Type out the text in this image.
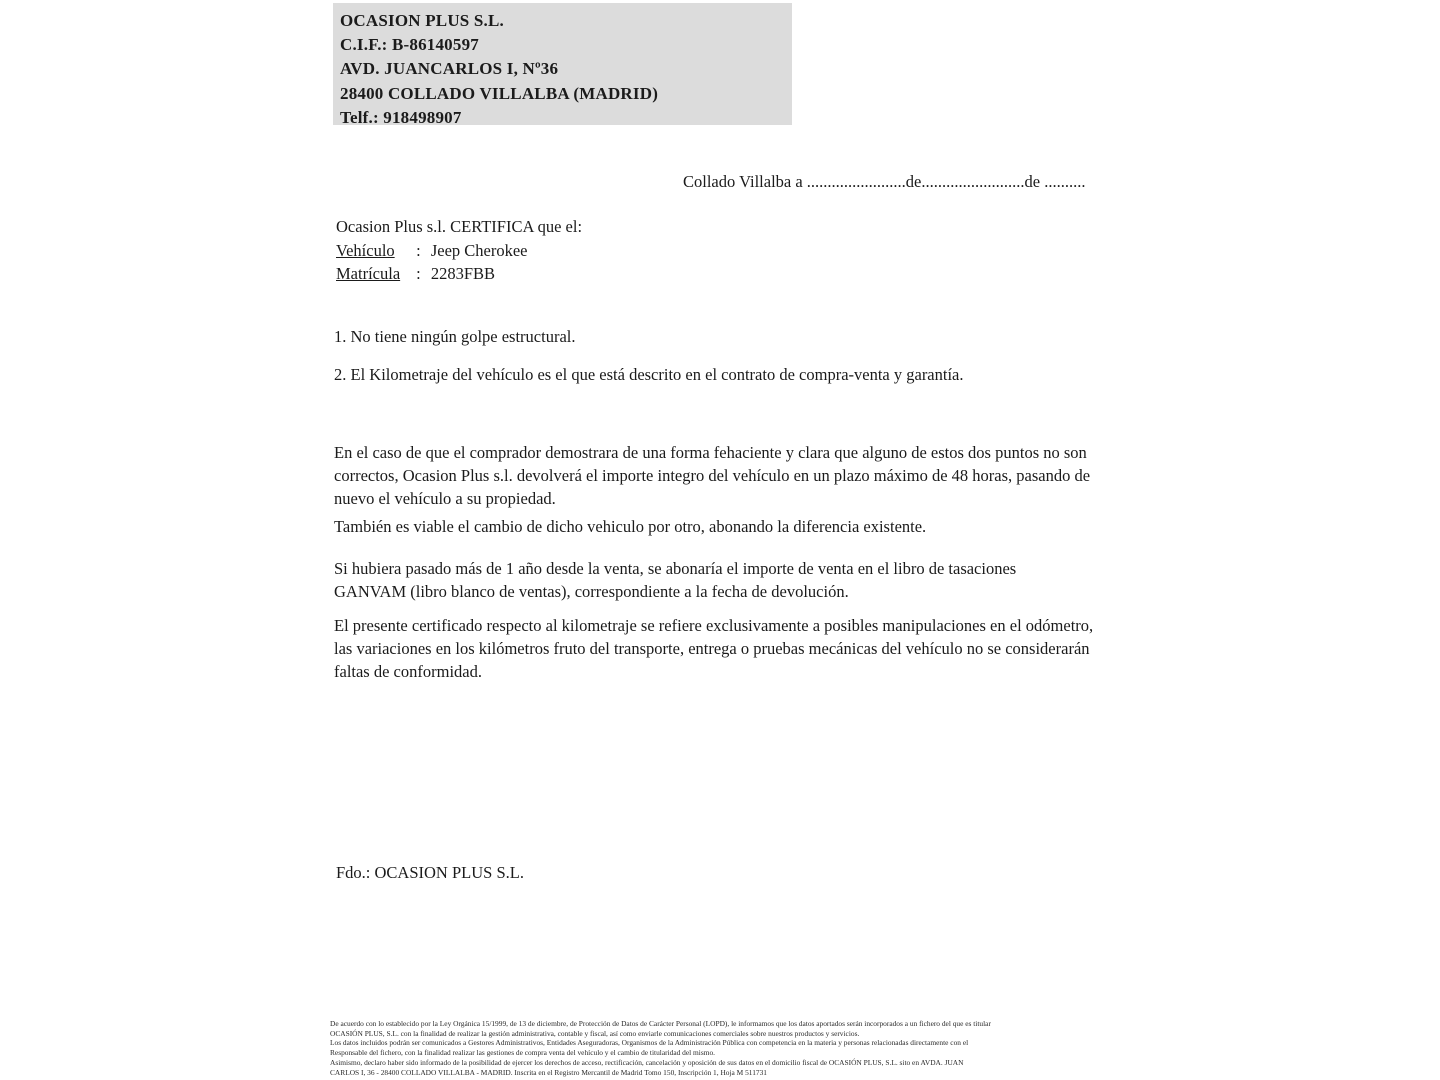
OCASION PLUS S.L.
C.I.F.: B-86140597
AVD. JUANCARLOS I, Nº36
28400 COLLADO VILLALBA (MADRID)
Telf.: 918498907
Collado Villalba a ........................de.........................de ..........
Ocasion Plus s.l. CERTIFICA que el:
Vehículo : Jeep Cherokee
Matrícula : 2283FBB
1. No tiene ningún golpe estructural.
2. El Kilometraje del vehículo es el que está descrito en el contrato de compra-venta y garantía.
En el caso de que el comprador demostrara de una forma fehaciente y clara que alguno de estos dos puntos no son correctos, Ocasion Plus s.l. devolverá el importe integro del vehículo en un plazo máximo de 48 horas, pasando de nuevo el vehículo a su propiedad.
También es viable el cambio de dicho vehiculo por otro, abonando la diferencia existente.
Si hubiera pasado más de 1 año desde la venta, se abonaría el importe de venta en el libro de tasaciones GANVAM (libro blanco de ventas), correspondiente a la fecha de devolución.
El presente certificado respecto al kilometraje se refiere exclusivamente a posibles manipulaciones en el odómetro, las variaciones en los kilómetros fruto del transporte, entrega o pruebas mecánicas del vehículo no se considerarán faltas de conformidad.
Fdo.: OCASION PLUS S.L.
De acuerdo con lo establecido por la Ley Orgánica 15/1999, de 13 de diciembre, de Protección de Datos de Carácter Personal (LOPD), le informamos que los datos aportados serán incorporados a un fichero del que es titular
OCASIÓN PLUS, S.L. con la finalidad de realizar la gestión administrativa, contable y fiscal, así como enviarle comunicaciones comerciales sobre nuestros productos y servicios.
Los datos incluidos podrán ser comunicados a Gestores Administrativos, Entidades Aseguradoras, Organismos de la Administración Pública con competencia en la materia y personas relacionadas directamente con el
Responsable del fichero, con la finalidad realizar las gestiones de compra venta del vehículo y el cambio de titularidad del mismo.
Asimismo, declaro haber sido informado de la posibilidad de ejercer los derechos de acceso, rectificación, cancelación y oposición de sus datos en el domicilio fiscal de OCASIÓN PLUS, S.L. sito en AVDA. JUAN
CARLOS I, 36 - 28400 COLLADO VILLALBA - MADRID. Inscrita en el Registro Mercantil de Madrid Tomo 150, Inscripción 1, Hoja M 511731
